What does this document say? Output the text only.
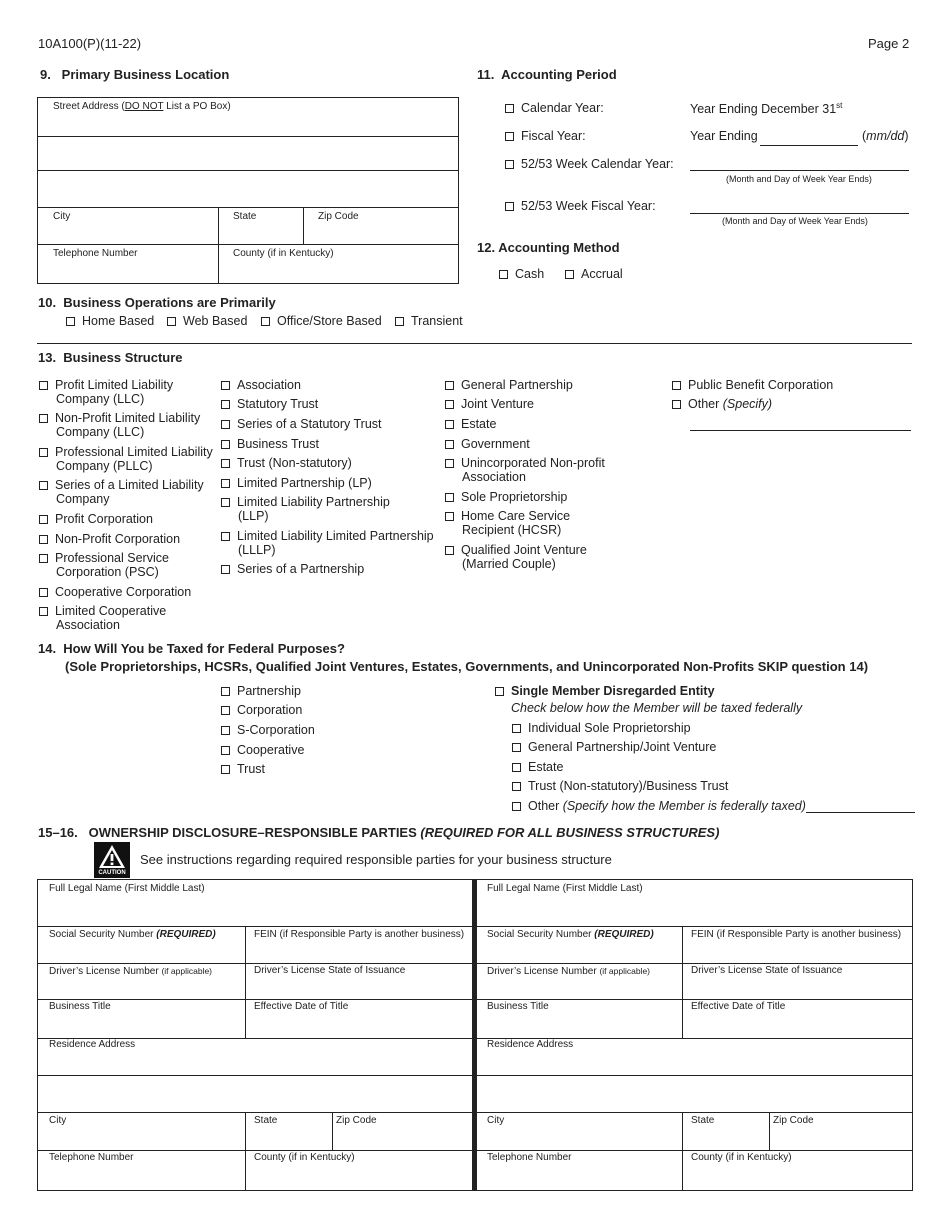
10A100(P)(11-22)	Page 2
9.   Primary Business Location
Street Address (DO NOT List a PO Box)
City	State	Zip Code
Telephone Number	County (if in Kentucky)
10.  Business Operations are Primarily
Home Based	Web Based	Office/Store Based	Transient
11.  Accounting Period
Calendar Year:	Year Ending December 31st
Fiscal Year:	Year Ending	(mm/dd)
52/53 Week Calendar Year:
(Month and Day of Week Year Ends)
52/53 Week Fiscal Year:
(Month and Day of Week Year Ends)
12. Accounting Method
Cash	Accrual
13.  Business Structure
Profit Limited Liability
Company (LLC)
Non-Profit Limited Liability
Company (LLC)
Professional Limited Liability
Company (PLLC)
Series of a Limited Liability
Company
Profit Corporation
Non-Profit Corporation
Professional Service
Corporation (PSC)
Cooperative Corporation
Limited Cooperative
Association
Association
Statutory Trust
Series of a Statutory Trust
Business Trust
Trust (Non-statutory)
Limited Partnership (LP)
Limited Liability Partnership
(LLP)
Limited Liability Limited Partnership
(LLLP)
Series of a Partnership
General Partnership
Joint Venture
Estate
Government
Unincorporated Non-profit
Association
Sole Proprietorship
Home Care Service
Recipient (HCSR)
Qualified Joint Venture
(Married Couple)
Public Benefit Corporation
Other (Specify)
14.  How Will You be Taxed for Federal Purposes?
(Sole Proprietorships, HCSRs, Qualified Joint Ventures, Estates, Governments, and Unincorporated Non-Profits SKIP question 14)
Partnership
Corporation
S-Corporation
Cooperative
Trust
Single Member Disregarded Entity
Check below how the Member will be taxed federally
Individual Sole Proprietorship
General Partnership/Joint Venture
Estate
Trust (Non-statutory)/Business Trust
Other (Specify how the Member is federally taxed)
15–16.   OWNERSHIP DISCLOSURE–RESPONSIBLE PARTIES (REQUIRED FOR ALL BUSINESS STRUCTURES)
CAUTION
See instructions regarding required responsible parties for your business structure
Full Legal Name (First Middle Last)
Social Security Number (REQUIRED)	FEIN (if Responsible Party is another business)
Driver’s License Number (if applicable)	Driver’s License State of Issuance
Business Title	Effective Date of Title
Residence Address
City	State	Zip Code
Telephone Number	County (if in Kentucky)
Full Legal Name (First Middle Last)
Social Security Number (REQUIRED)	FEIN (if Responsible Party is another business)
Driver’s License Number (if applicable)	Driver’s License State of Issuance
Business Title	Effective Date of Title
Residence Address
City	State	Zip Code
Telephone Number	County (if in Kentucky)
